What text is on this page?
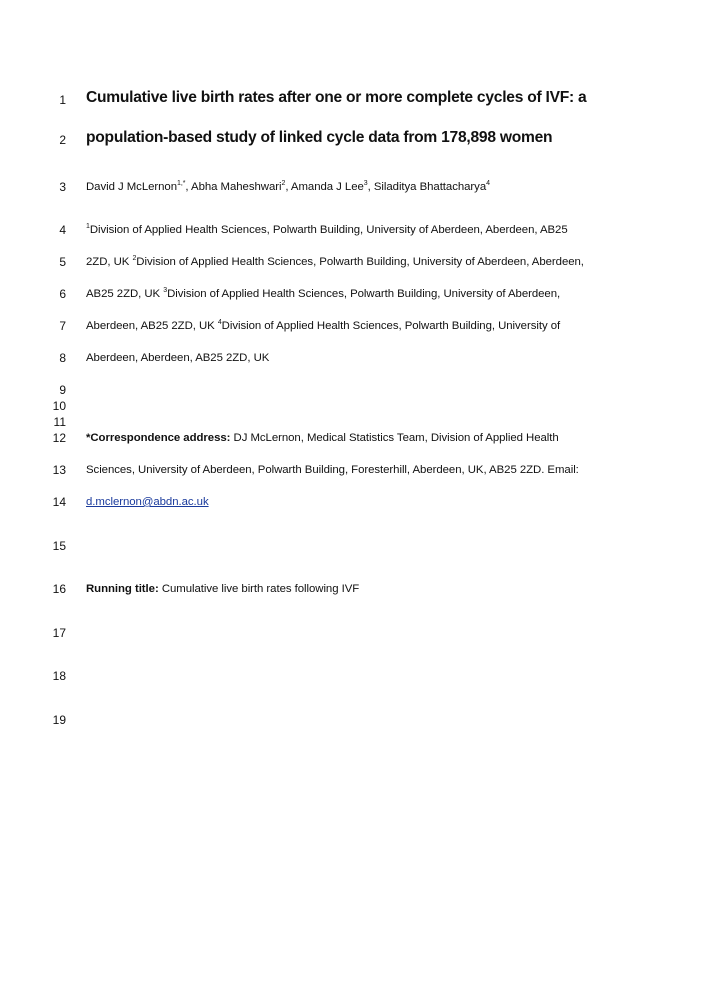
1 Cumulative live birth rates after one or more complete cycles of IVF: a
2 population-based study of linked cycle data from 178,898 women
3 David J McLernon$^{1,*}$, Abha Maheshwari$^2$, Amanda J Lee$^3$, Siladitya Bhattacharya$^4$
4	$^1$Division of Applied Health Sciences, Polwarth Building, University of Aberdeen, Aberdeen, AB25
5 2ZD, UK $^2$Division of Applied Health Sciences, Polwarth Building, University of Aberdeen, Aberdeen,
6 AB25 2ZD, UK $^3$Division of Applied Health Sciences, Polwarth Building, University of Aberdeen,
7 Aberdeen, AB25 2ZD, UK $^4$Division of Applied Health Sciences, Polwarth Building, University of
8 Aberdeen, Aberdeen, AB25 2ZD, UK
9
10
11
12 *Correspondence address: DJ McLernon, Medical Statistics Team, Division of Applied Health
13 Sciences, University of Aberdeen, Polwarth Building, Foresterhill, Aberdeen, UK, AB25 2ZD. Email:
14 d.mclernon@abdn.ac.uk
15
16 Running title: Cumulative live birth rates following IVF
17
18
19
